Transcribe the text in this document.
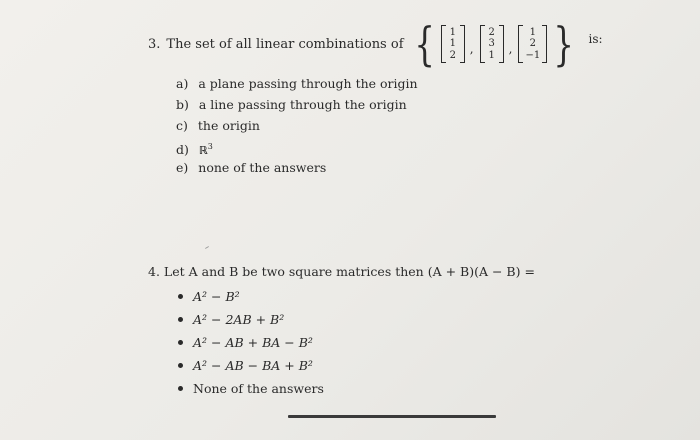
3. The set of all linear combinations of { 1
1
2 ,
2
3
1 ,
1
2
−1 } is:
a) a plane passing through the origin
b) a line passing through the origin
c) the origin
d) ℝ$^3$
e) none of the answers
4. Let A and B be two square matrices then (A + B)(A − B) =
A² − B²
A² − 2AB + B²
A² − AB + BA − B²
A² − AB − BA + B²
None of the answers
